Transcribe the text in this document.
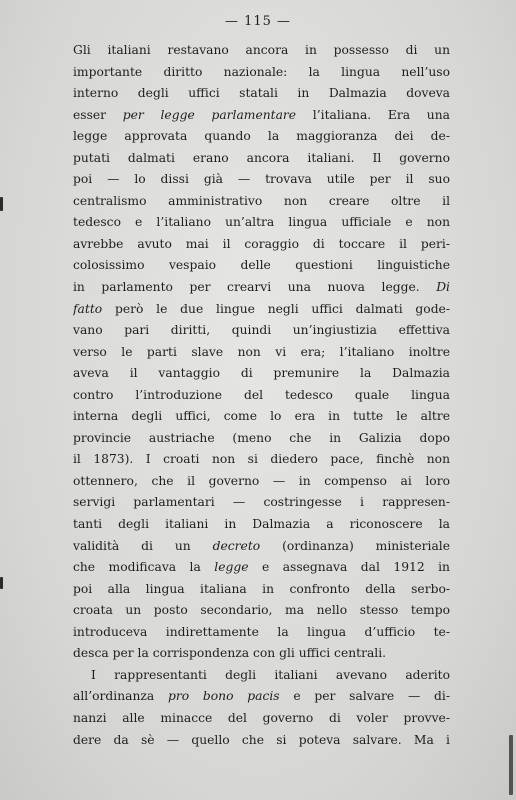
— 115 —
Gli italiani restavano ancora in possesso di un
importante diritto nazionale: la lingua nell’uso
interno degli uffici statali in Dalmazia doveva
esser per legge parlamentare l’italiana. Era una
legge approvata quando la maggioranza dei de-
putati dalmati erano ancora italiani. Il governo
poi — lo dissi già — trovava utile per il suo
centralismo amministrativo non creare oltre il
tedesco e l’italiano un’altra lingua ufficiale e non
avrebbe avuto mai il coraggio di toccare il peri-
colosissimo vespaio delle questioni linguistiche
in parlamento per crearvi una nuova legge. Di
fatto però le due lingue negli uffici dalmati gode-
vano pari diritti, quindi un’ingiustizia effettiva
verso le parti slave non vi era; l’italiano inoltre
aveva il vantaggio di premunire la Dalmazia
contro l’introduzione del tedesco quale lingua
interna degli uffici, come lo era in tutte le altre
provincie austriache (meno che in Galizia dopo
il 1873). I croati non si diedero pace, finchè non
ottennero, che il governo — in compenso ai loro
servigi parlamentari — costringesse i rappresen-
tanti degli italiani in Dalmazia a riconoscere la
validità di un decreto (ordinanza) ministeriale
che modificava la legge e assegnava dal 1912 in
poi alla lingua italiana in confronto della serbo-
croata un posto secondario, ma nello stesso tempo
introduceva indirettamente la lingua d’ufficio te-
desca per la corrispondenza con gli uffici centrali.
I rappresentanti degli italiani avevano aderito
all’ordinanza pro bono pacis e per salvare — di-
nanzi alle minacce del governo di voler provve-
dere da sè — quello che si poteva salvare. Ma i
